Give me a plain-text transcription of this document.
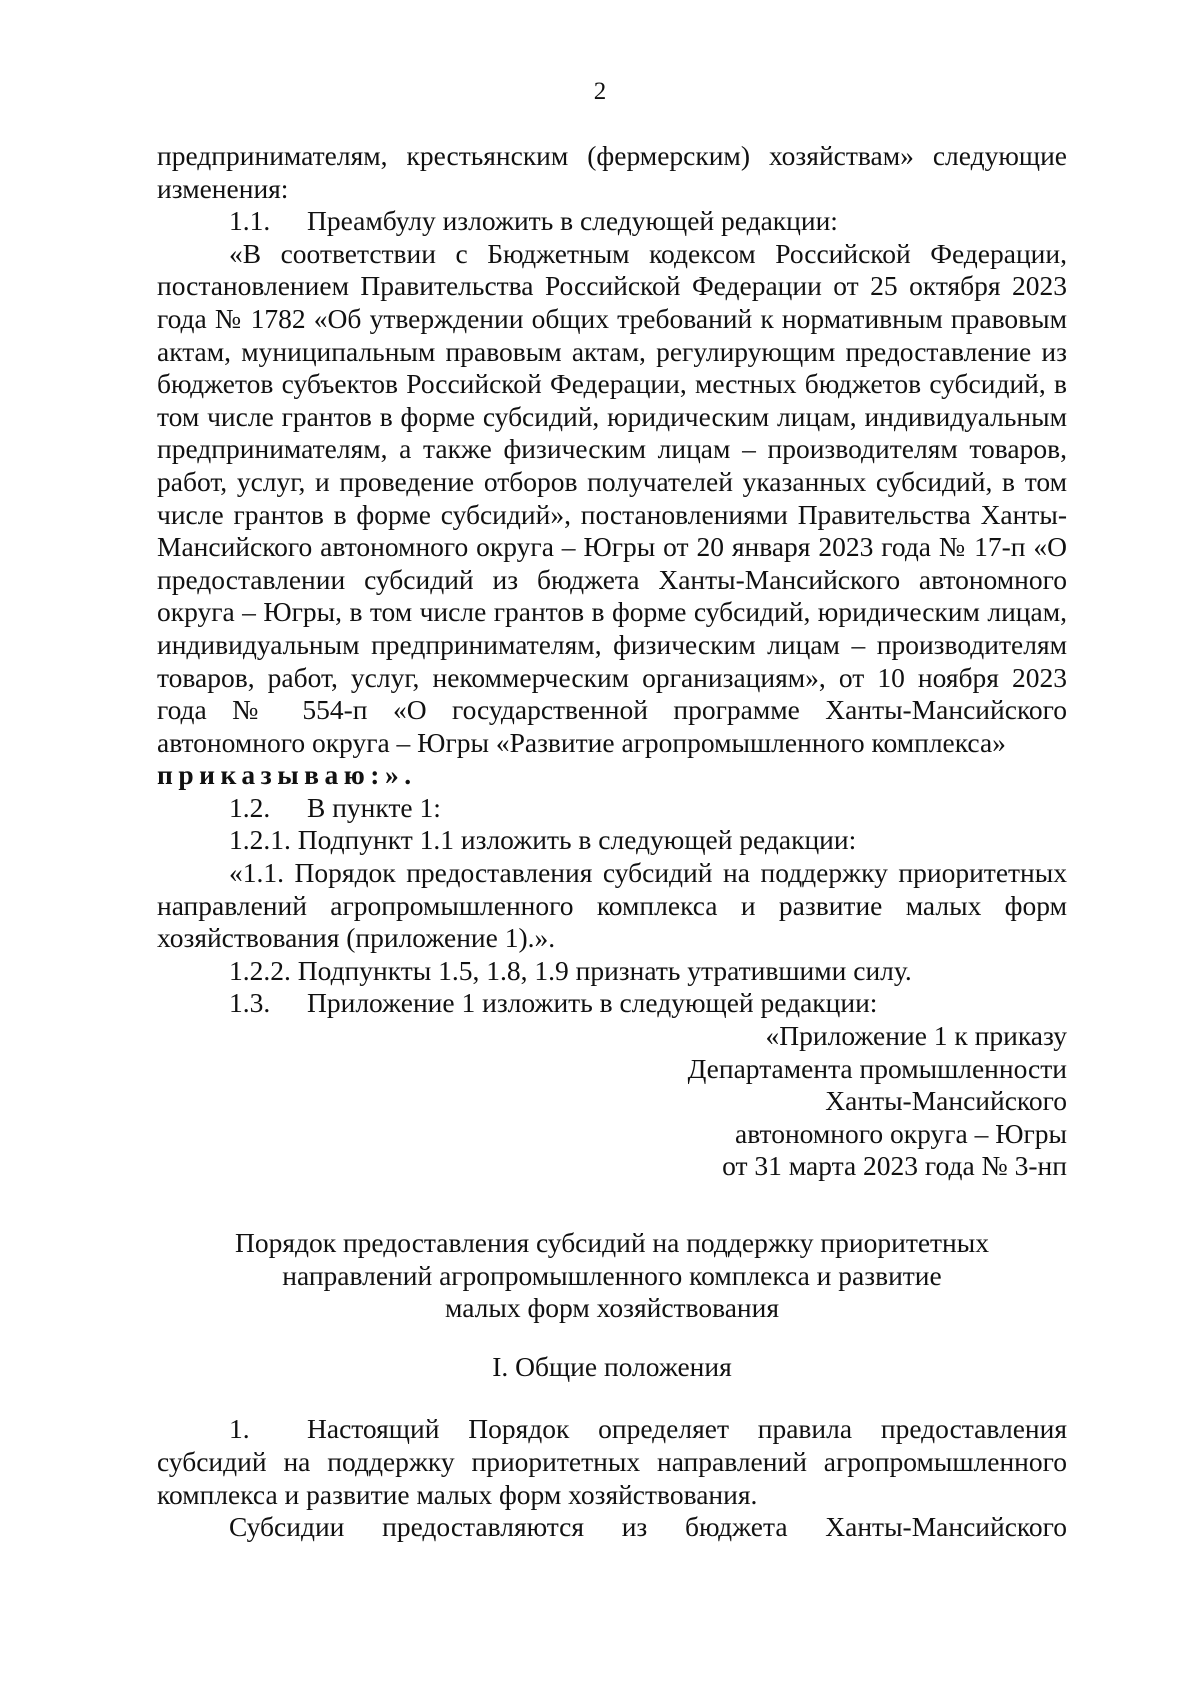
2

предпринимателям, крестьянским (фермерским) хозяйствам» следующие изменения:

1.1.	Преамбулу изложить в следующей редакции:

«В соответствии с Бюджетным кодексом Российской Федерации, постановлением Правительства Российской Федерации от 25 октября 2023 года № 1782 «Об утверждении общих требований к нормативным правовым актам, муниципальным правовым актам, регулирующим предоставление из бюджетов субъектов Российской Федерации, местных бюджетов субсидий, в том числе грантов в форме субсидий, юридическим лицам, индивидуальным предпринимателям, а также физическим лицам – производителям товаров, работ, услуг, и проведение отборов получателей указанных субсидий, в том числе грантов в форме субсидий», постановлениями Правительства Ханты-Мансийского автономного округа – Югры от 20 января 2023 года № 17-п «О предоставлении субсидий из бюджета Ханты-Мансийского автономного округа – Югры, в том числе грантов в форме субсидий, юридическим лицам, индивидуальным предпринимателям, физическим лицам – производителям товаров, работ, услуг, некоммерческим организациям», от 10 ноября 2023 года № 554-п «О государственной программе Ханты-Мансийского автономного округа – Югры «Развитие агропромышленного комплекса»

приказываю:».

1.2.	В пункте 1:

1.2.1. Подпункт 1.1 изложить в следующей редакции:

«1.1. Порядок предоставления субсидий на поддержку приоритетных направлений агропромышленного комплекса и развитие малых форм хозяйствования (приложение 1).».

1.2.2. Подпункты 1.5, 1.8, 1.9 признать утратившими силу.

1.3.	Приложение 1 изложить в следующей редакции:
«Приложение 1 к приказу
Департамента промышленности
Ханты-Мансийского
автономного округа – Югры
от 31 марта 2023 года № 3-нп
Порядок предоставления субсидий на поддержку приоритетных
направлений агропромышленного комплекса и развитие
малых форм хозяйствования
I. Общие положения
1.	Настоящий Порядок определяет правила предоставления

субсидий на поддержку приоритетных направлений агропромышленного комплекса и развитие малых форм хозяйствования.

Субсидии предоставляются из бюджета Ханты-Мансийского
